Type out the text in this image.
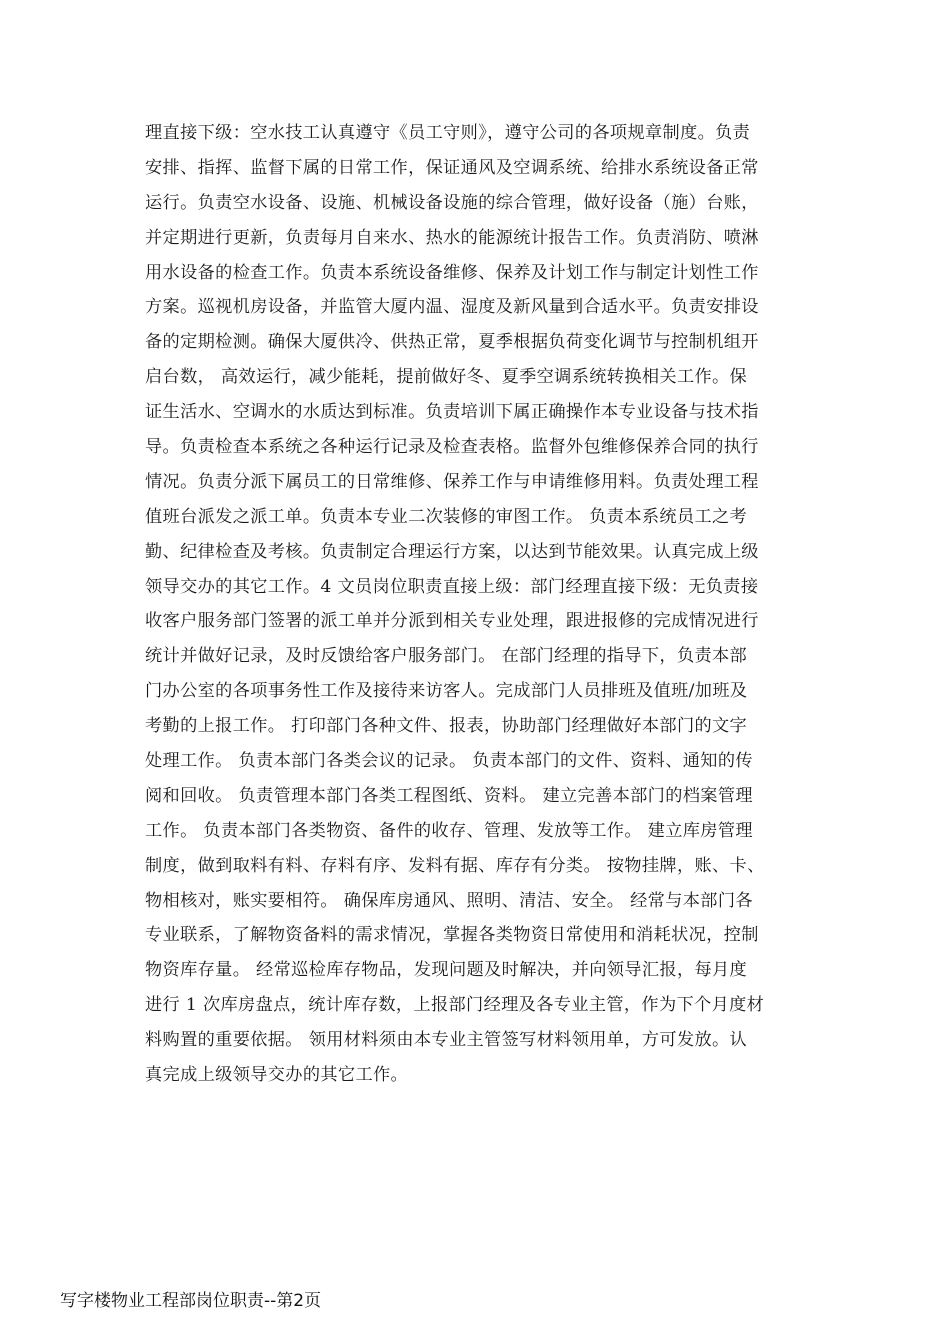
理直接下级：空水技工认真遵守《员工守则》，遵守公司的各项规章制度。负责
安排、指挥、监督下属的日常工作，保证通风及空调系统、给排水系统设备正常
运行。负责空水设备、设施、机械设备设施的综合管理，做好设备（施）台账，
并定期进行更新，负责每月自来水、热水的能源统计报告工作。负责消防、喷淋
用水设备的检查工作。负责本系统设备维修、保养及计划工作与制定计划性工作
方案。巡视机房设备，并监管大厦内温、湿度及新风量到合适水平。负责安排设
备的定期检测。确保大厦供冷、供热正常，夏季根据负荷变化调节与控制机组开
启台数， 高效运行，减少能耗，提前做好冬、夏季空调系统转换相关工作。保
证生活水、空调水的水质达到标准。负责培训下属正确操作本专业设备与技术指
导。负责检查本系统之各种运行记录及检查表格。监督外包维修保养合同的执行
情况。负责分派下属员工的日常维修、保养工作与申请维修用料。负责处理工程
值班台派发之派工单。负责本专业二次装修的审图工作。 负责本系统员工之考
勤、纪律检查及考核。负责制定合理运行方案，以达到节能效果。认真完成上级
领导交办的其它工作。4 文员岗位职责直接上级：部门经理直接下级：无负责接
收客户服务部门签署的派工单并分派到相关专业处理，跟进报修的完成情况进行
统计并做好记录，及时反馈给客户服务部门。 在部门经理的指导下，负责本部
门办公室的各项事务性工作及接待来访客人。完成部门人员排班及值班/加班及
考勤的上报工作。 打印部门各种文件、报表，协助部门经理做好本部门的文字
处理工作。 负责本部门各类会议的记录。 负责本部门的文件、资料、通知的传
阅和回收。 负责管理本部门各类工程图纸、资料。 建立完善本部门的档案管理
工作。 负责本部门各类物资、备件的收存、管理、发放等工作。 建立库房管理
制度，做到取料有料、存料有序、发料有据、库存有分类。 按物挂牌，账、卡、
物相核对，账实要相符。 确保库房通风、照明、清洁、安全。 经常与本部门各
专业联系，了解物资备料的需求情况，掌握各类物资日常使用和消耗状况，控制
物资库存量。 经常巡检库存物品，发现问题及时解决，并向领导汇报，每月度
进行 1 次库房盘点，统计库存数，上报部门经理及各专业主管，作为下个月度材
料购置的重要依据。 领用材料须由本专业主管签写材料领用单，方可发放。认
真完成上级领导交办的其它工作。
写字楼物业工程部岗位职责--第2页
